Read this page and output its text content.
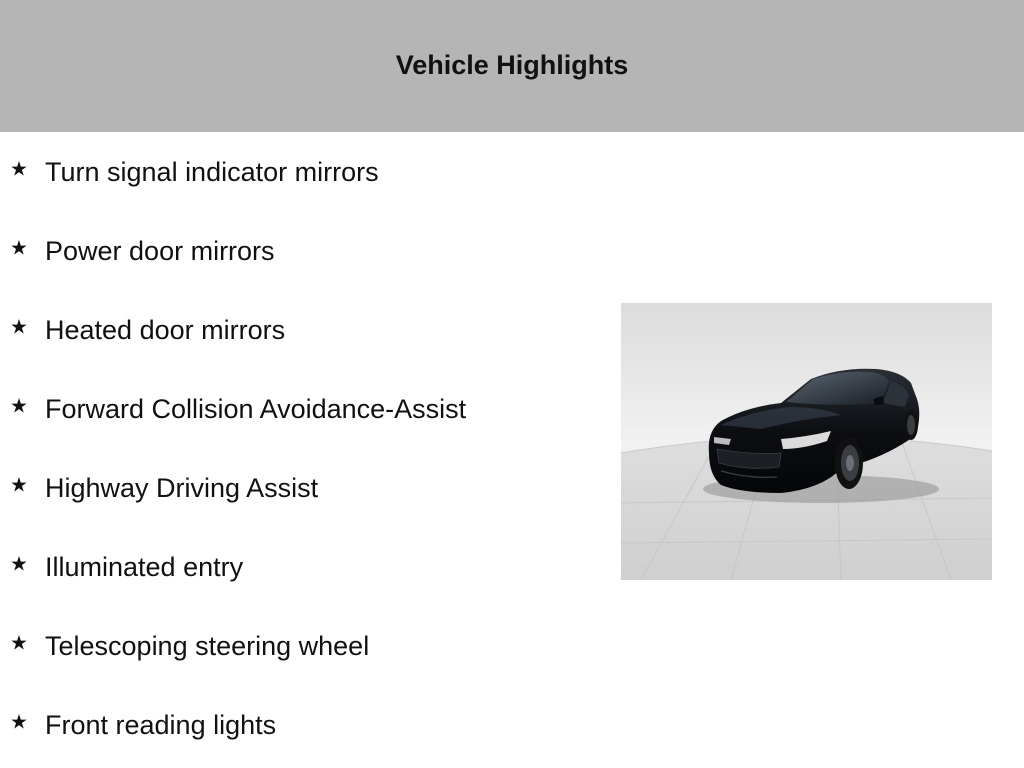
Vehicle Highlights
★ Turn signal indicator mirrors
★ Power door mirrors
★ Heated door mirrors
★ Forward Collision Avoidance-Assist
★ Highway Driving Assist
★ Illuminated entry
★ Telescoping steering wheel
★ Front reading lights
